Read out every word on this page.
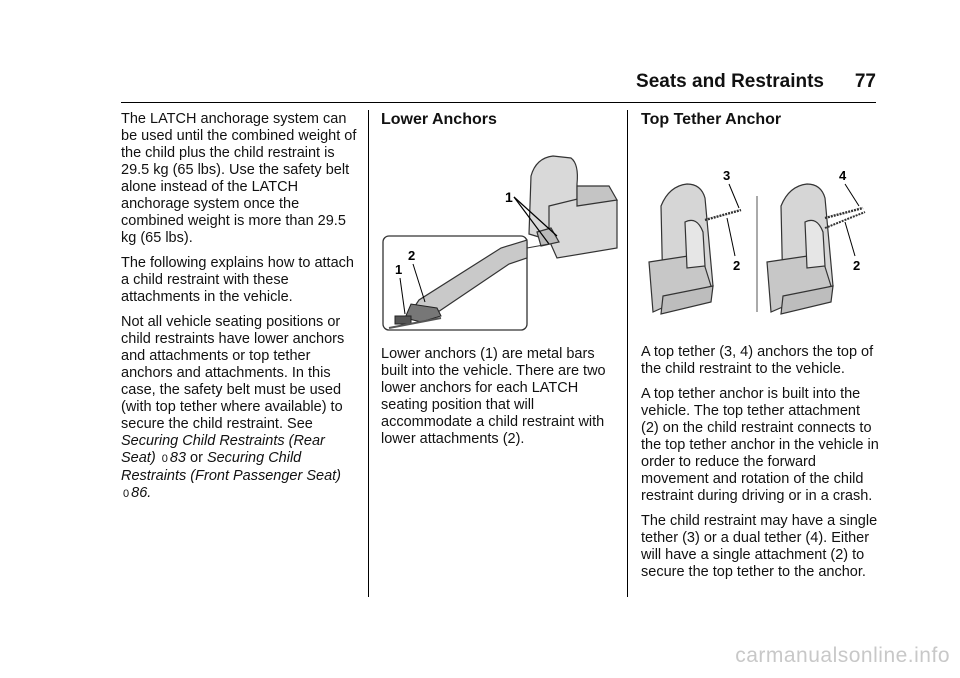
Seats and Restraints 77

The LATCH anchorage system can be used until the combined weight of the child plus the child restraint is 29.5 kg (65 lbs). Use the safety belt alone instead of the LATCH anchorage system once the combined weight is more than 29.5 kg (65 lbs).

The following explains how to attach a child restraint with these attachments in the vehicle.

Not all vehicle seating positions or child restraints have lower anchors and attachments or top tether anchors and attachments. In this case, the safety belt must be used (with top tether where available) to secure the child restraint. See Securing Child Restraints (Rear Seat) 0 83 or Securing Child Restraints (Front Passenger Seat) 0 86.

Lower Anchors
1
1
2

Lower anchors (1) are metal bars built into the vehicle. There are two lower anchors for each LATCH seating position that will accommodate a child restraint with lower attachments (2).

Top Tether Anchor
3
2
4
2

A top tether (3, 4) anchors the top of the child restraint to the vehicle.

A top tether anchor is built into the vehicle. The top tether attachment (2) on the child restraint connects to the top tether anchor in the vehicle in order to reduce the forward movement and rotation of the child restraint during driving or in a crash.

The child restraint may have a single tether (3) or a dual tether (4). Either will have a single attachment (2) to secure the top tether to the anchor.

carmanualsonline.info
